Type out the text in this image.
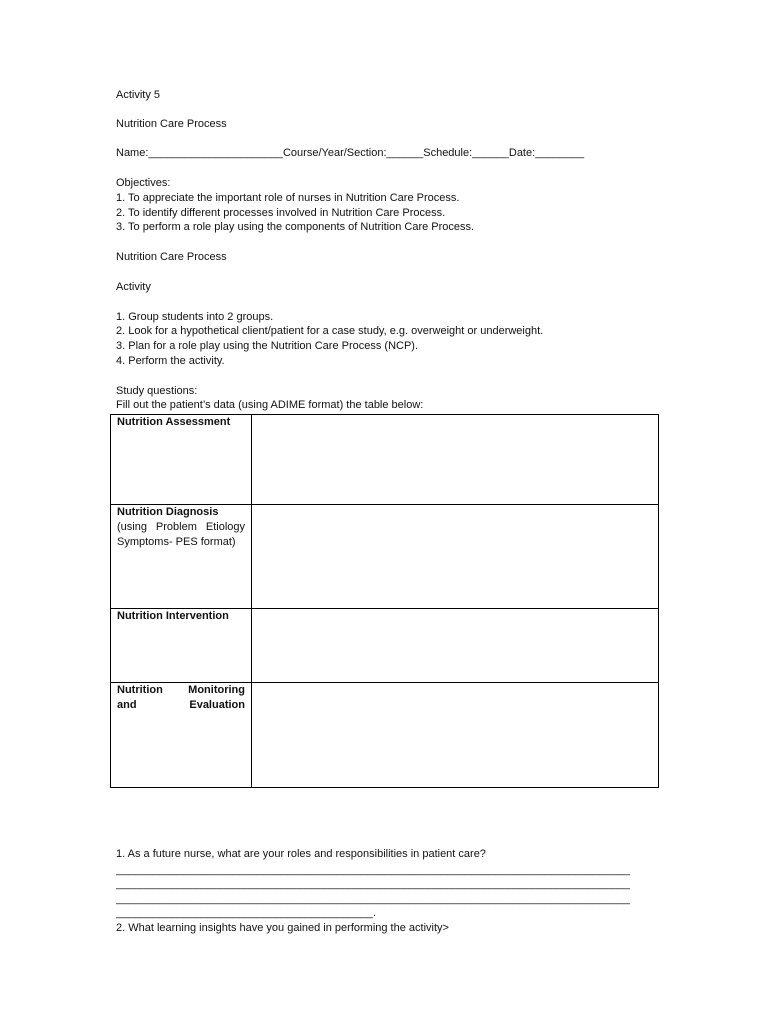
Activity 5
Nutrition Care Process
Name:______________________Course/Year/Section:______Schedule:______Date:________
Objectives:
1. To appreciate the important role of nurses in Nutrition Care Process.
2. To identify different processes involved in Nutrition Care Process.
3. To perform a role play using the components of Nutrition Care Process.
Nutrition Care Process
Activity
1. Group students into 2 groups.
2. Look for a hypothetical client/patient for a case study, e.g. overweight or underweight.
3. Plan for a role play using the Nutrition Care Process (NCP).
4. Perform the activity.
Study questions:
Fill out the patient’s data (using ADIME format) the table below:
Nutrition Assessment	

Nutrition Diagnosis
(using Problem Etiology Symptoms- PES format)	

Nutrition Intervention	

Nutrition Monitoring and Evaluation	

1. As a future nurse, what are your roles and responsibilities in patient care?
____________________________________________________________________________________
____________________________________________________________________________________
____________________________________________________________________________________
__________________________________________.
2. What learning insights have you gained in performing the activity>
